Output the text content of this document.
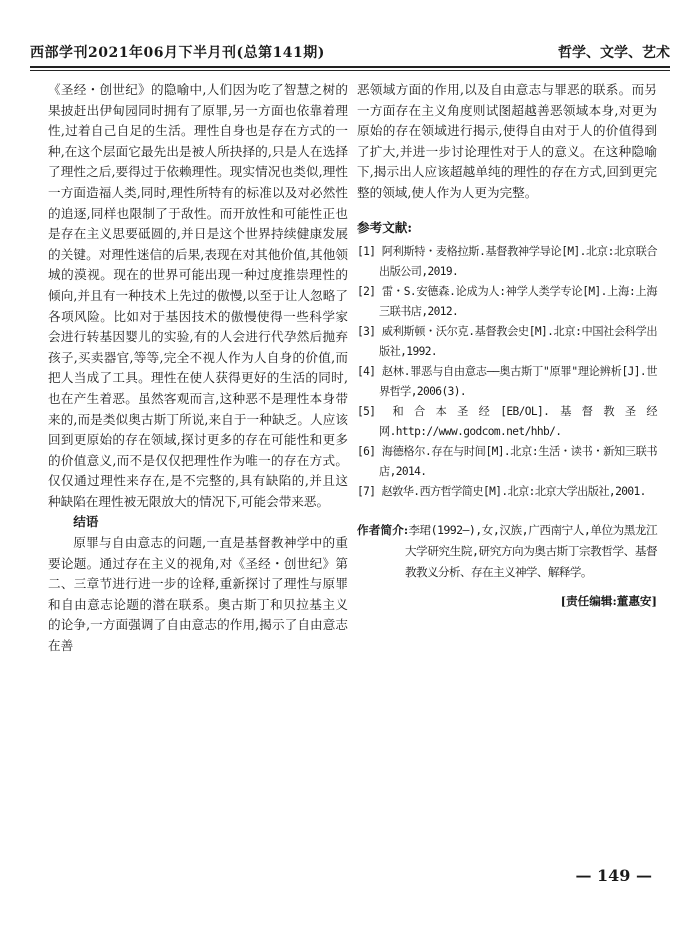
西部学刊2021年06月下半月刊(总第141期)	哲学、文学、艺术

《圣经・创世纪》的隐喻中,人们因为吃了智慧之树的果披赶出伊甸园同时拥有了原罪,另一方面也依靠着理性,过着自己自足的生活。理性自身也是存在方式的一种,在这个层面它最先出是被人所抉择的,只是人在选择了理性之后,要得过于依赖理性。现实情况也类似,理性一方面造福人类,同时,理性所特有的标准以及对必然性的追逐,同样也限制了于敌性。而开放性和可能性正也是存在主义思要砥圆的,并日是这个世界持续健康发展的关键。对理性迷信的后果,表现在对其他价值,其他领城的漠视。现在的世界可能出现一种过度推崇理性的倾向,并且有一种技术上先过的傲慢,以至于让人忽略了各项风险。比如对于基因技术的傲慢使得一些科学家会进行转基因婴儿的实验,有的人会进行代孕然后抛弃孩子,买卖器官,等等,完全不视人作为人自身的价值,而把人当成了工具。理性在使人获得更好的生活的同时,也在产生着恶。虽然客观而言,这种恶不是理性本身带来的,而是类似奥古斯丁所说,来自于一种缺乏。人应该回到更原始的存在领域,探讨更多的存在可能性和更多的价值意义,而不是仅仅把理性作为唯一的存在方式。仅仅通过理性来存在,是不完整的,具有缺陷的,并且这种缺陷在理性被无限放大的情况下,可能会带来恶。

结语

原罪与自由意志的问题,一直是基督教神学中的重要论题。通过存在主义的视角,对《圣经・创世纪》第二、三章节进行进一步的诠释,重新探讨了理性与原罪和自由意志论题的潜在联系。奥古斯丁和贝拉基主义的论争,一方面强调了自由意志的作用,揭示了自由意志在善

恶领域方面的作用,以及自由意志与罪恶的联系。而另一方面存在主义角度则试图超越善恶领域本身,对更为原始的存在领域进行揭示,使得自由对于人的价值得到了扩大,并进一步讨论理性对于人的意义。在这种隐喻下,揭示出人应该超越单纯的理性的存在方式,回到更完整的领域,使人作为人更为完整。

参考文献:
[1] 阿利斯特・麦格拉斯.基督教神学导论[M].北京:北京联合出版公司,2019.
[2] 雷・S.安德森.论成为人:神学人类学专论[M].上海:上海三联书店,2012.
[3] 威利斯顿・沃尔克.基督教会史[M].北京:中国社会科学出版社,1992.
[4] 赵林.罪恶与自由意志——奥古斯丁"原罪"理论辨析[J].世界哲学,2006(3).
[5] 和合本圣经[EB/OL].基督教圣经网.http://www.godcom.net/hhb/.
[6] 海德格尔.存在与时间[M].北京:生活・读书・新知三联书店,2014.
[7] 赵敦华.西方哲学简史[M].北京:北京大学出版社,2001.
作者简介:李珺(1992—),女,汉族,广西南宁人,单位为黑龙江大学研究生院,研究方向为奥古斯丁宗教哲学、基督教教义分析、存在主义神学、解释学。
[责任编辑:董惠安]
— 149 —
